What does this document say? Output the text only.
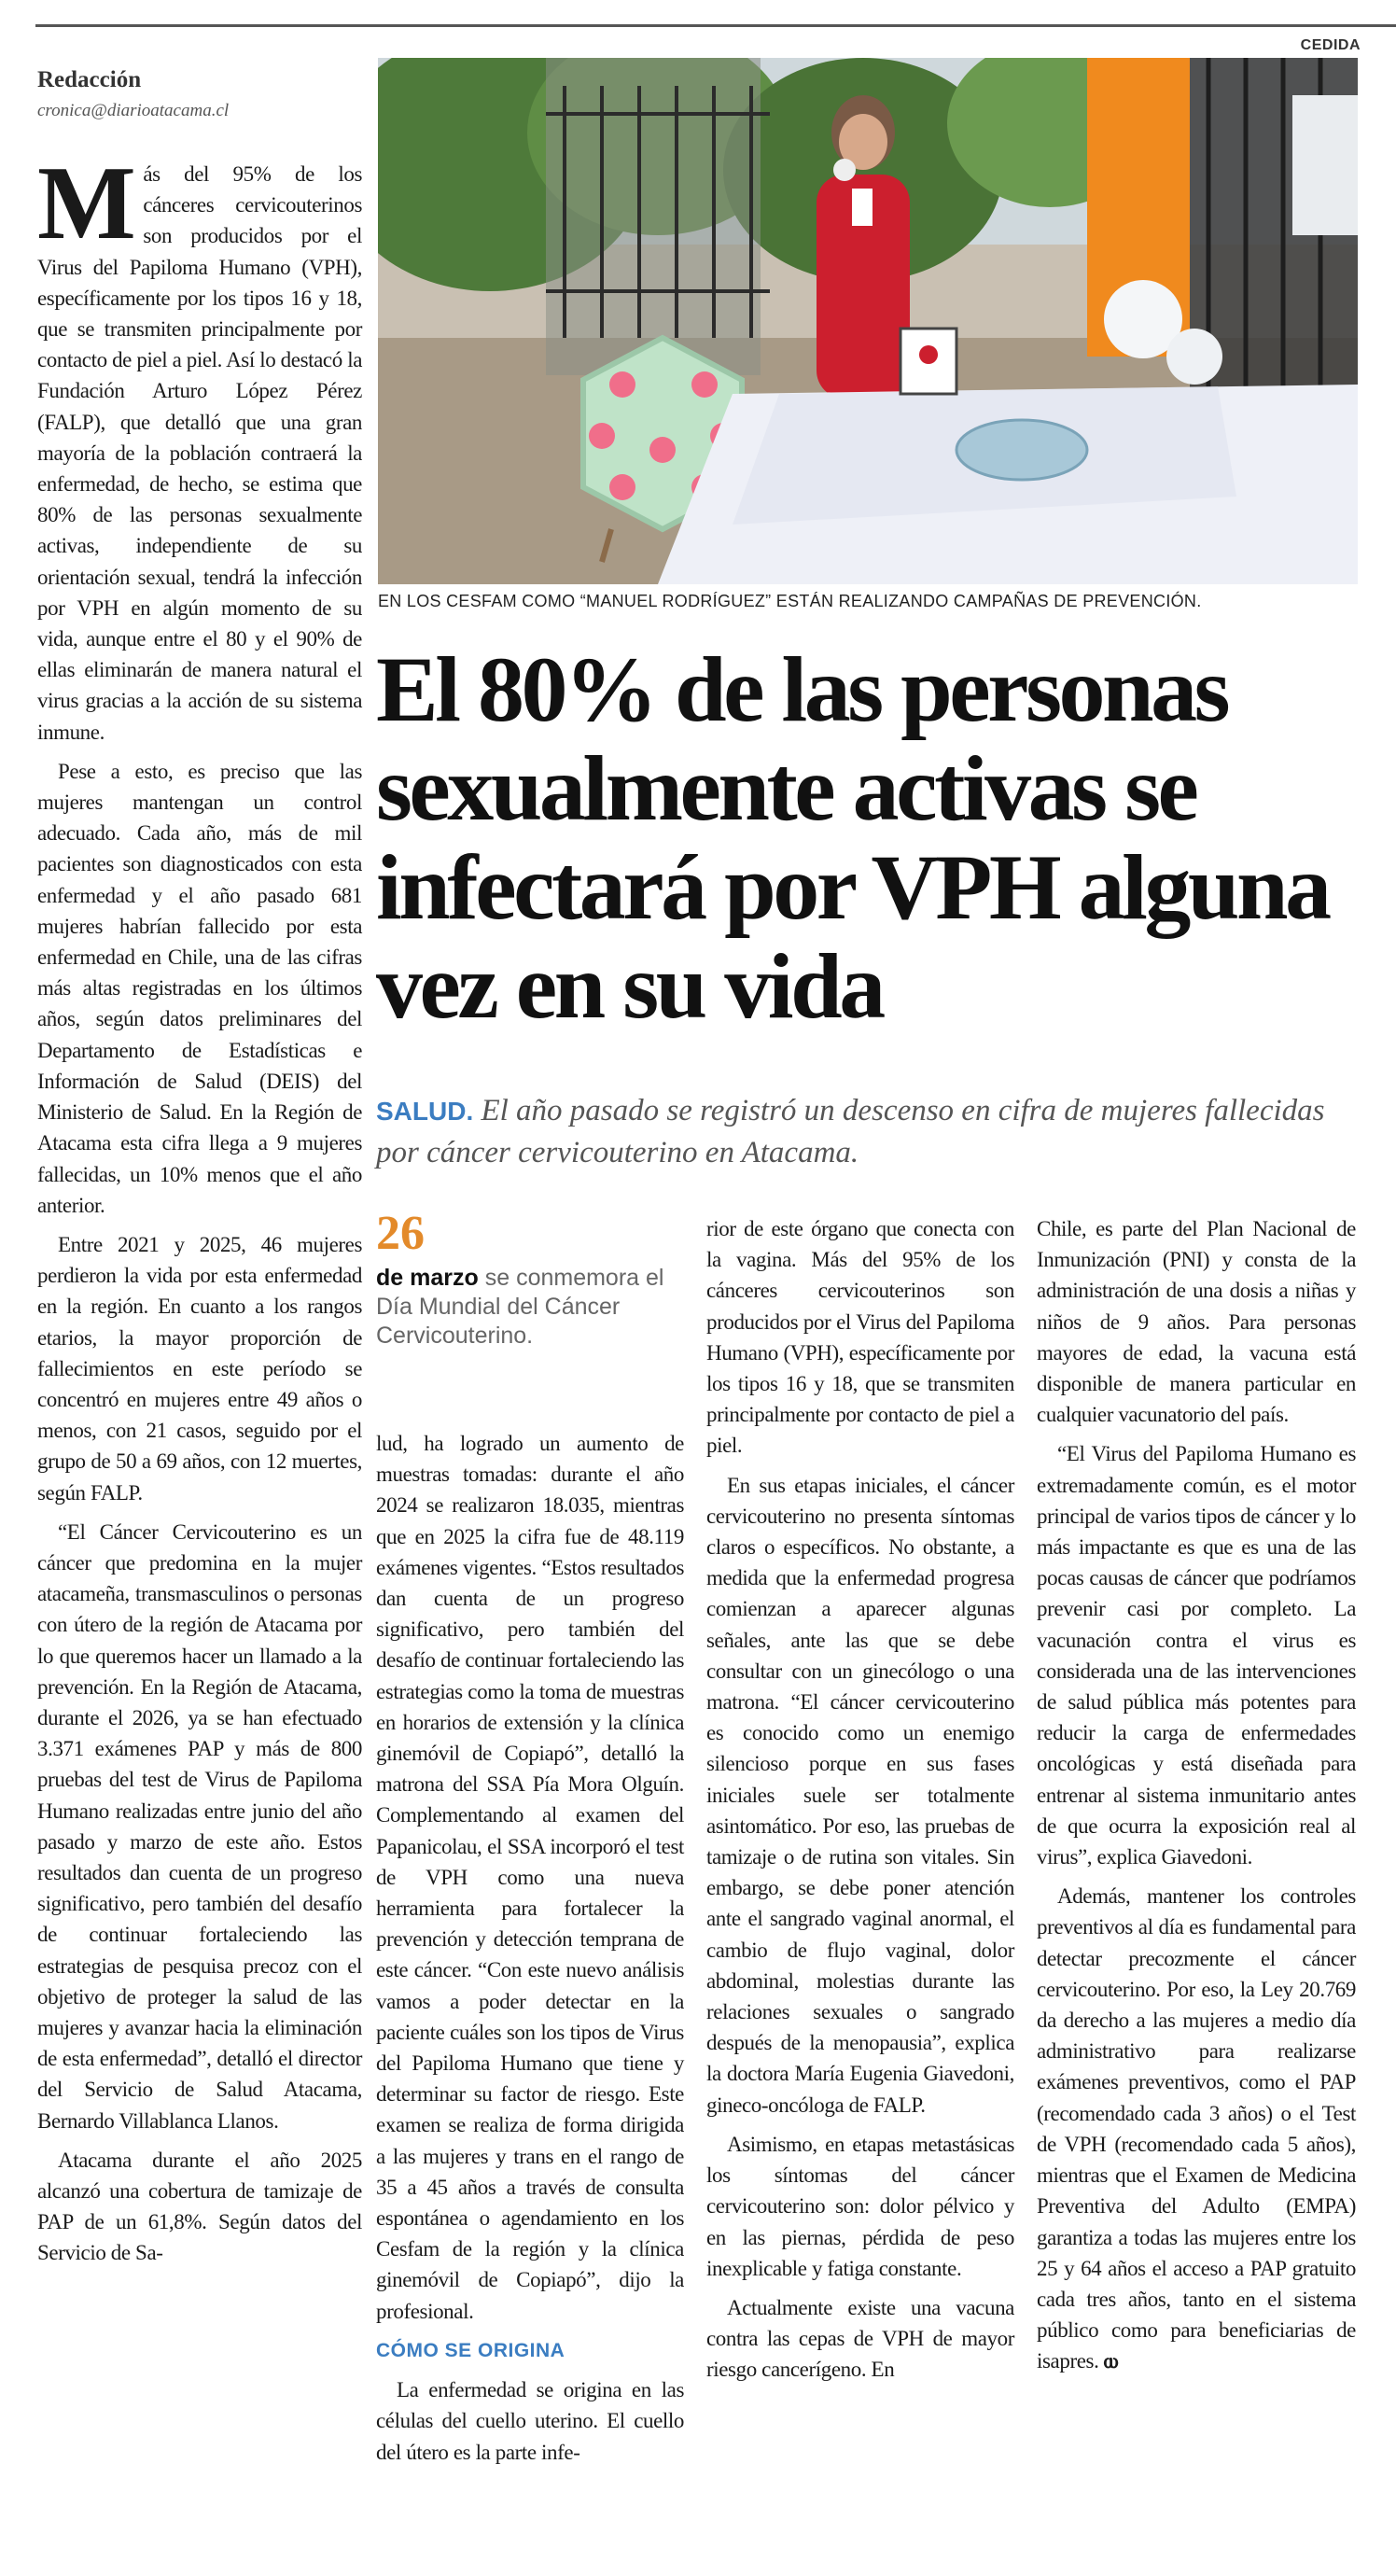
CEDIDA
Redacción
cronica@diarioatacama.cl

Más del 95% de los cánceres cervicouterinos son producidos por el Virus del Papiloma Humano (VPH), específicamente por los tipos 16 y 18, que se transmiten principalmente por contacto de piel a piel. Así lo destacó la Fundación Arturo López Pérez (FALP), que detalló que una gran mayoría de la población contraerá la enfermedad, de hecho, se estima que 80% de las personas sexualmente activas, independiente de su orientación sexual, tendrá la infección por VPH en algún momento de su vida, aunque entre el 80 y el 90% de ellas eliminarán de manera natural el virus gracias a la acción de su sistema inmune.

Pese a esto, es preciso que las mujeres mantengan un control adecuado. Cada año, más de mil pacientes son diagnosticados con esta enfermedad y el año pasado 681 mujeres habrían fallecido por esta enfermedad en Chile, una de las cifras más altas registradas en los últimos años, según datos preliminares del Departamento de Estadísticas e Información de Salud (DEIS) del Ministerio de Salud. En la Región de Atacama esta cifra llega a 9 mujeres fallecidas, un 10% menos que el año anterior.

Entre 2021 y 2025, 46 mujeres perdieron la vida por esta enfermedad en la región. En cuanto a los rangos etarios, la mayor proporción de fallecimientos en este período se concentró en mujeres entre 49 años o menos, con 21 casos, seguido por el grupo de 50 a 69 años, con 12 muertes, según FALP.

“El Cáncer Cervicouterino es un cáncer que predomina en la mujer atacameña, transmasculinos o personas con útero de la región de Atacama por lo que queremos hacer un llamado a la prevención. En la Región de Atacama, durante el 2026, ya se han efectuado 3.371 exámenes PAP y más de 800 pruebas del test de Virus de Papiloma Humano realizadas entre junio del año pasado y marzo de este año. Estos resultados dan cuenta de un progreso significativo, pero también del desafío de continuar fortaleciendo las estrategias de pesquisa precoz con el objetivo de proteger la salud de las mujeres y avanzar hacia la eliminación de esta enfermedad”, detalló el director del Servicio de Salud Atacama, Bernardo Villablanca Llanos.

Atacama durante el año 2025 alcanzó una cobertura de tamizaje de PAP de un 61,8%. Según datos del Servicio de Sa-

EN LOS CESFAM COMO “MANUEL RODRÍGUEZ” ESTÁN REALIZANDO CAMPAÑAS DE PREVENCIÓN.
El 80% de las personas sexualmente activas se infectará por VPH alguna vez en su vida
SALUD. El año pasado se registró un descenso en cifra de mujeres fallecidas por cáncer cervicouterino en Atacama.
26
de marzo se conmemora el Día Mundial del Cáncer Cervicouterino.

lud, ha logrado un aumento de muestras tomadas: durante el año 2024 se realizaron 18.035, mientras que en 2025 la cifra fue de 48.119 exámenes vigentes. “Estos resultados dan cuenta de un progreso significativo, pero también del desafío de continuar fortaleciendo las estrategias como la toma de muestras en horarios de extensión y la clínica ginemóvil de Copiapó”, detalló la matrona del SSA Pía Mora Olguín. Complementando al examen del Papanicolau, el SSA incorporó el test de VPH como una nueva herramienta para fortalecer la prevención y detección temprana de este cáncer. “Con este nuevo análisis vamos a poder detectar en la paciente cuáles son los tipos de Virus del Papiloma Humano que tiene y determinar su factor de riesgo. Este examen se realiza de forma dirigida a las mujeres y trans en el rango de 35 a 45 años a través de consulta espontánea o agendamiento en los Cesfam de la región y la clínica ginemóvil de Copiapó”, dijo la profesional.

CÓMO SE ORIGINA

La enfermedad se origina en las células del cuello uterino. El cuello del útero es la parte infe-

rior de este órgano que conecta con la vagina. Más del 95% de los cánceres cervicouterinos son producidos por el Virus del Papiloma Humano (VPH), específicamente por los tipos 16 y 18, que se transmiten principalmente por contacto de piel a piel.

En sus etapas iniciales, el cáncer cervicouterino no presenta síntomas claros o específicos. No obstante, a medida que la enfermedad progresa comienzan a aparecer algunas señales, ante las que se debe consultar con un ginecólogo o una matrona. “El cáncer cervicouterino es conocido como un enemigo silencioso porque en sus fases iniciales suele ser totalmente asintomático. Por eso, las pruebas de tamizaje o de rutina son vitales. Sin embargo, se debe poner atención ante el sangrado vaginal anormal, el cambio de flujo vaginal, dolor abdominal, molestias durante las relaciones sexuales o sangrado después de la menopausia”, explica la doctora María Eugenia Giavedoni, gineco-oncóloga de FALP.

Asimismo, en etapas metastásicas los síntomas del cáncer cervicouterino son: dolor pélvico y en las piernas, pérdida de peso inexplicable y fatiga constante.

Actualmente existe una vacuna contra las cepas de VPH de mayor riesgo cancerígeno. En

Chile, es parte del Plan Nacional de Inmunización (PNI) y consta de la administración de una dosis a niñas y niños de 9 años. Para personas mayores de edad, la vacuna está disponible de manera particular en cualquier vacunatorio del país.

“El Virus del Papiloma Humano es extremadamente común, es el motor principal de varios tipos de cáncer y lo más impactante es que es una de las pocas causas de cáncer que podríamos prevenir casi por completo. La vacunación contra el virus es considerada una de las intervenciones de salud pública más potentes para reducir la carga de enfermedades oncológicas y está diseñada para entrenar al sistema inmunitario antes de que ocurra la exposición real al virus”, explica Giavedoni.

Además, mantener los controles preventivos al día es fundamental para detectar precozmente el cáncer cervicouterino. Por eso, la Ley 20.769 da derecho a las mujeres a medio día administrativo para realizarse exámenes preventivos, como el PAP (recomendado cada 3 años) o el Test de VPH (recomendado cada 5 años), mientras que el Examen de Medicina Preventiva del Adulto (EMPA) garantiza a todas las mujeres entre los 25 y 64 años el acceso a PAP gratuito cada tres años, tanto en el sistema público como para beneficiarias de isapres. ⲱ
